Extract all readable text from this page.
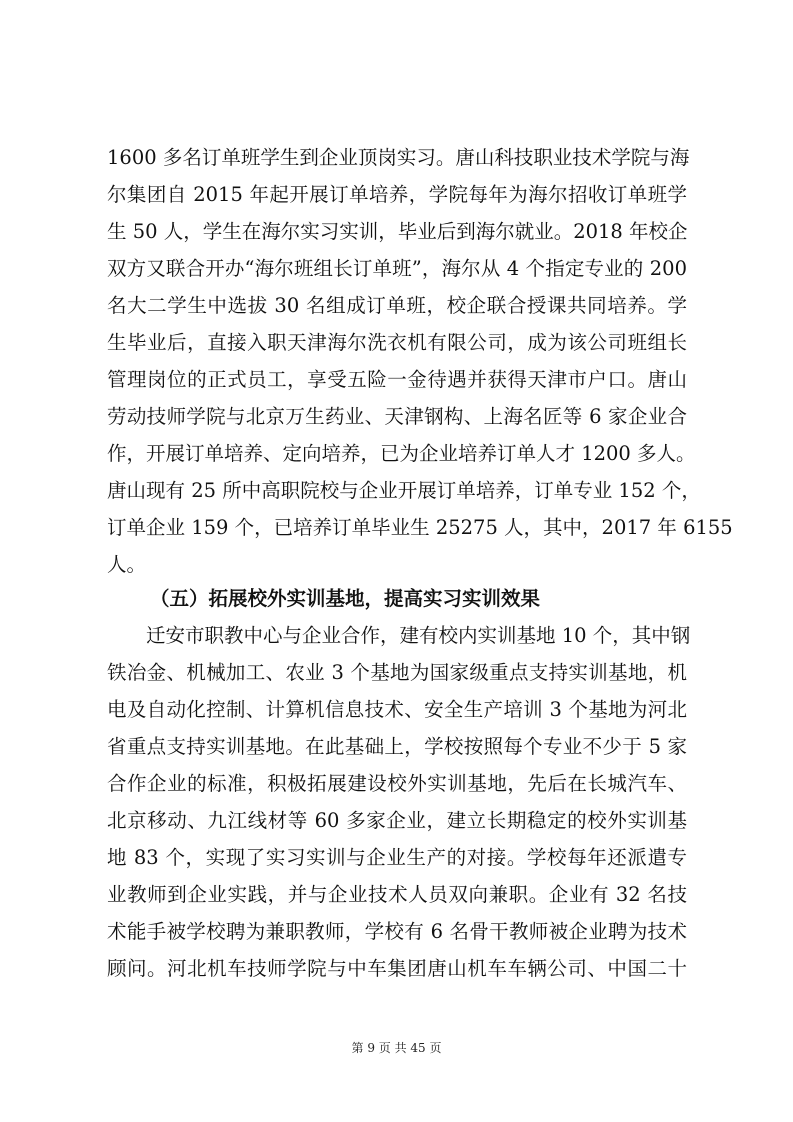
1600 多名订单班学生到企业顶岗实习。唐山科技职业技术学院与海
尔集团自 2015 年起开展订单培养，学院每年为海尔招收订单班学
生 50 人，学生在海尔实习实训，毕业后到海尔就业。2018 年校企
双方又联合开办“海尔班组长订单班”，海尔从 4 个指定专业的 200
名大二学生中选拔 30 名组成订单班，校企联合授课共同培养。学
生毕业后，直接入职天津海尔洗衣机有限公司，成为该公司班组长
管理岗位的正式员工，享受五险一金待遇并获得天津市户口。唐山
劳动技师学院与北京万生药业、天津钢构、上海名匠等 6 家企业合
作，开展订单培养、定向培养，已为企业培养订单人才 1200 多人。
唐山现有 25 所中高职院校与企业开展订单培养，订单专业 152 个，
订单企业 159 个，已培养订单毕业生 25275 人，其中，2017 年 6155
人。
（五）拓展校外实训基地，提高实习实训效果
迁安市职教中心与企业合作，建有校内实训基地 10 个，其中钢
铁冶金、机械加工、农业 3 个基地为国家级重点支持实训基地，机
电及自动化控制、计算机信息技术、安全生产培训 3 个基地为河北
省重点支持实训基地。在此基础上，学校按照每个专业不少于 5 家
合作企业的标准，积极拓展建设校外实训基地，先后在长城汽车、
北京移动、九江线材等 60 多家企业，建立长期稳定的校外实训基
地 83 个，实现了实习实训与企业生产的对接。学校每年还派遣专
业教师到企业实践，并与企业技术人员双向兼职。企业有 32 名技
术能手被学校聘为兼职教师，学校有 6 名骨干教师被企业聘为技术
顾问。河北机车技师学院与中车集团唐山机车车辆公司、中国二十
第 9 页 共 45 页
